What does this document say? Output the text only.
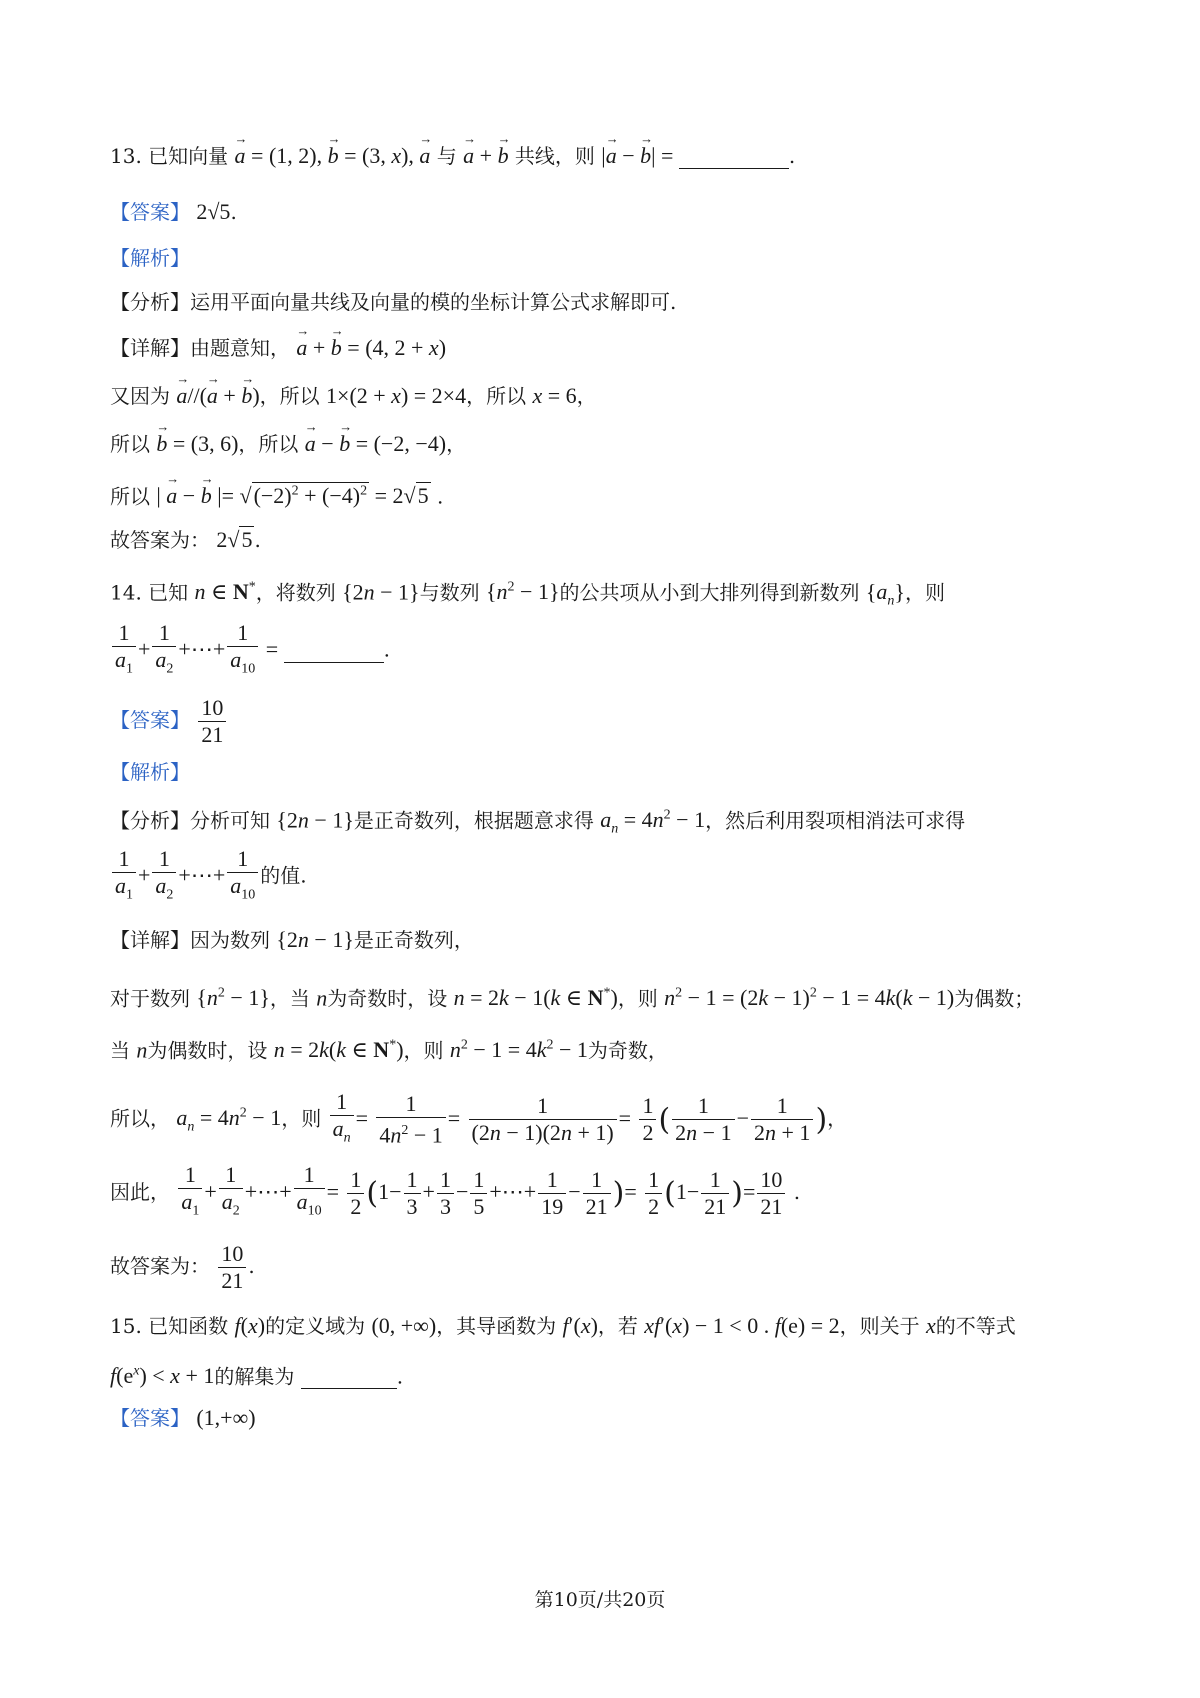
13. 已知向量 → a = (1, 2), → b = (3, x), → a 与 → a + → b 共线，则 |→ a − → b| =	.
【答案】 2√5.
【解析】
【分析】运用平面向量共线及向量的模的坐标计算公式求解即可.
【详解】由题意知， → a + → b = (4, 2 + x)
又因为 → a//(→ a + → b)，所以 1×(2 + x) = 2×4，所以 x = 6，
所以 → b = (3, 6)，所以 → a − → b = (−2, −4)，
所以 | → a − → b |= $√(-2)^2 + (-4)^2 = 2√5$ .
故答案为： 2√5 .
14. 已知 n ∈ N*，将数列 {2n − 1}与数列 $\{n^2 - 1\}$的公共项从小到大排列得到新数列 $\{a_n\}$，则
$\frac{1}{a_1} + \frac{1}{a_2}$ +⋯+ $\frac{1}{a_{10}}$ =	.
【答案】 $\frac{10}{21}$
【解析】
【分析】分析可知 {2n − 1}是正奇数列，根据题意求得 $a_n = 4n^2 - 1$，然后利用裂项相消法可求得
$\frac{1}{a_1} + \frac{1}{a_2}$ +⋯+ $\frac{1}{a_{10}}$ 的值.
【详解】因为数列 {2n − 1}是正奇数列，
对于数列 $\{n^2 - 1\}$，当 n为奇数时，设 n = 2k − 1(k ∈ N*)，则 $n^2 - 1 = (2k - 1)^2 - 1 = 4k(k - 1)$为偶数；
当 n为偶数时，设 n = 2k(k ∈ N*)，则 $n^2 - 1 = 4k^2 - 1$为奇数，
所以， $a_n = 4n^2 - 1$，则 $\frac{1}{a_n} = \frac{1}{4n^2 - 1} = \frac{1}{(2n - 1)(2n + 1)} = \frac{1}{2}$ ( $\frac{1}{2n - 1} - \frac{1}{2n + 1}$ )，
因此， $\frac{1}{a_1} + \frac{1}{a_2}$ +⋯+ $\frac{1}{a_{10}} = \frac{1}{2} (1- \frac{1}{3} + \frac{1}{3} - \frac{1}{5}$ +⋯+ $\frac{1}{19} - \frac{1}{21}$ )= $\frac{1}{2} (1- \frac{1}{21}$ )= $\frac{10}{21}$ .
故答案为： $\frac{10}{21}$ .
15. 已知函数 f(x)的定义域为 (0, +∞)，其导函数为 f′(x)，若 xf′(x) − 1 < 0 . f(e) = 2，则关于 x的不等式
$f(e^x) < x + 1$的解集为	.
【答案】 (1,+∞)
第10页/共20页
